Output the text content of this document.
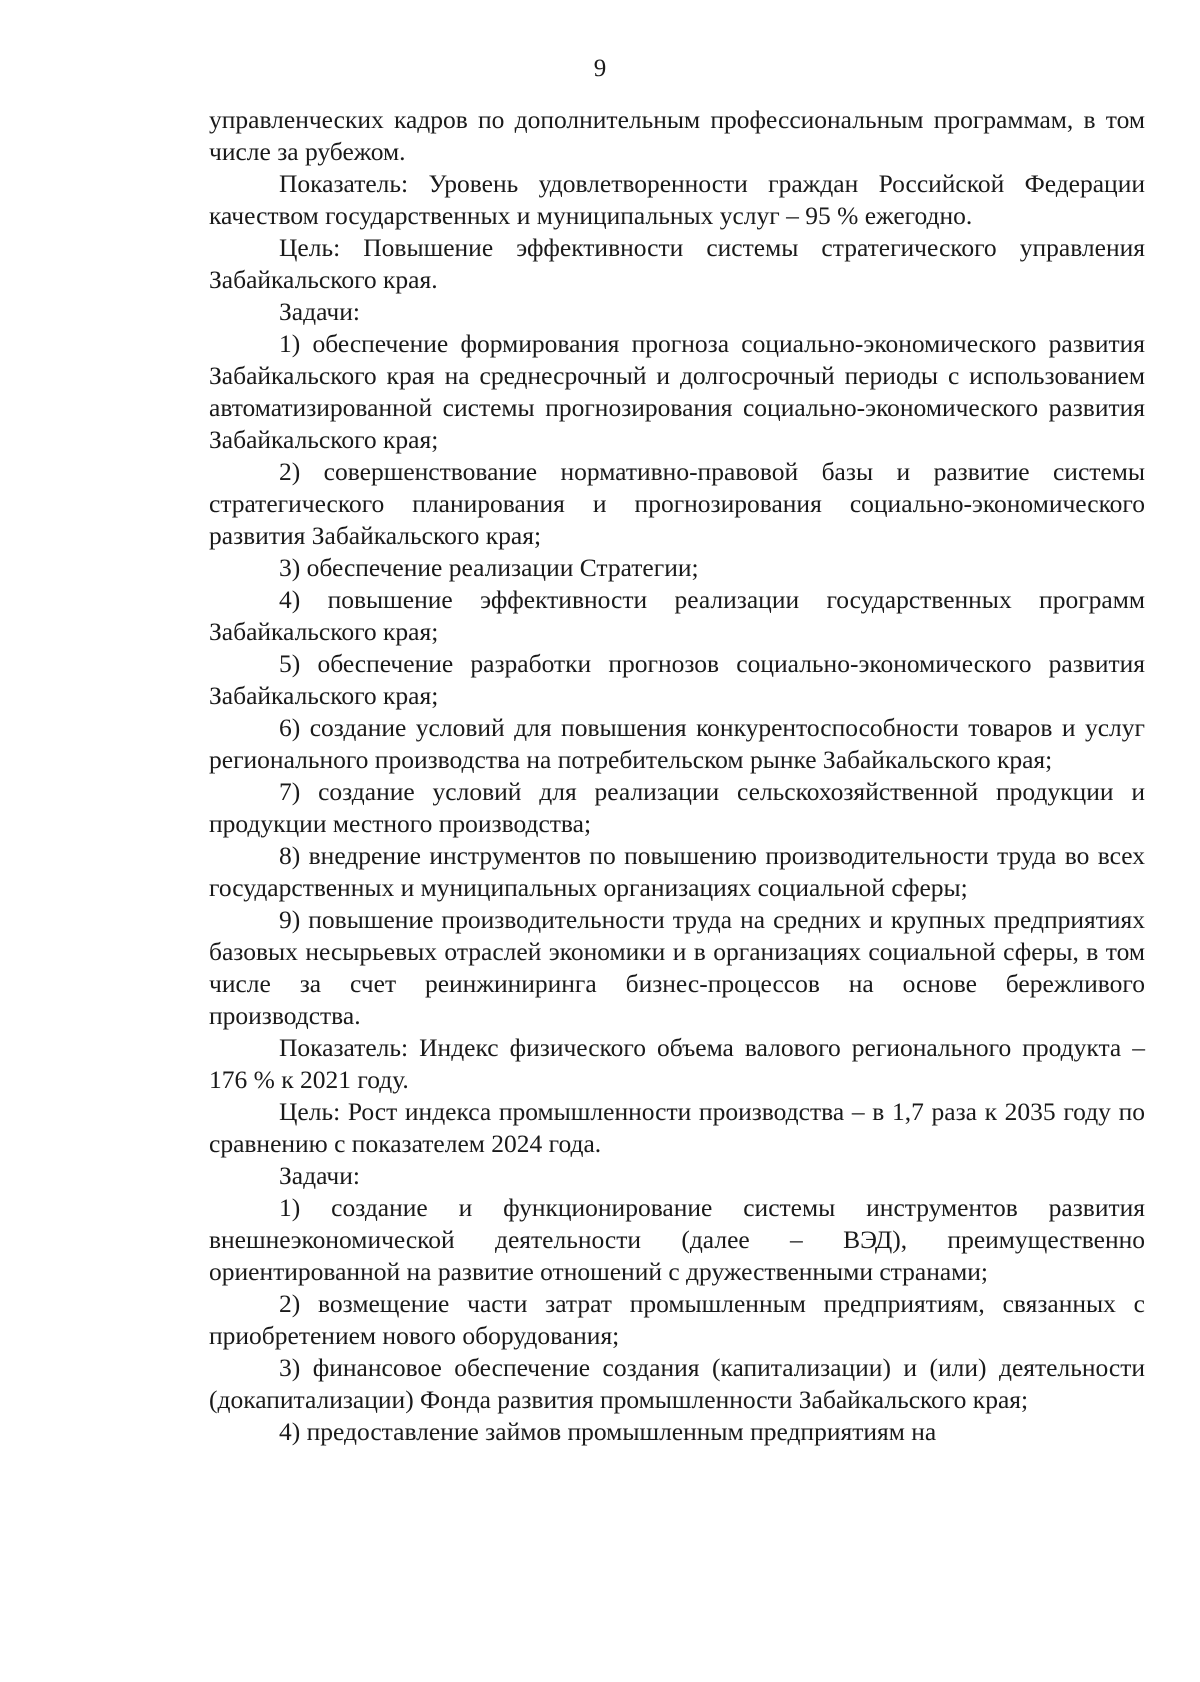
9

управленческих кадров по дополнительным профессиональным программам, в том числе за рубежом.

Показатель: Уровень удовлетворенности граждан Российской Федерации качеством государственных и муниципальных услуг – 95 % ежегодно.

Цель: Повышение эффективности системы стратегического управления Забайкальского края.

Задачи:

1) обеспечение формирования прогноза социально-экономического развития Забайкальского края на среднесрочный и долгосрочный периоды с использованием автоматизированной системы прогнозирования социально-экономического развития Забайкальского края;

2) совершенствование нормативно-правовой базы и развитие системы стратегического планирования и прогнозирования социально-экономического развития Забайкальского края;

3) обеспечение реализации Стратегии;

4) повышение эффективности реализации государственных программ Забайкальского края;

5) обеспечение разработки прогнозов социально-экономического развития Забайкальского края;

6) создание условий для повышения конкурентоспособности товаров и услуг регионального производства на потребительском рынке Забайкальского края;

7) создание условий для реализации сельскохозяйственной продукции и продукции местного производства;

8) внедрение инструментов по повышению производительности труда во всех государственных и муниципальных организациях социальной сферы;

9) повышение производительности труда на средних и крупных предприятиях базовых несырьевых отраслей экономики и в организациях социальной сферы, в том числе за счет реинжиниринга бизнес-процессов на основе бережливого производства.

Показатель: Индекс физического объема валового регионального продукта – 176 % к 2021 году.

Цель: Рост индекса промышленности производства – в 1,7 раза к 2035 году по сравнению с показателем 2024 года.

Задачи:

1) создание и функционирование системы инструментов развития внешнеэкономической деятельности (далее – ВЭД), преимущественно ориентированной на развитие отношений с дружественными странами;

2) возмещение части затрат промышленным предприятиям, связанных с приобретением нового оборудования;

3) финансовое обеспечение создания (капитализации) и (или) деятельности (докапитализации) Фонда развития промышленности Забайкальского края;

4) предоставление займов промышленным предприятиям на
